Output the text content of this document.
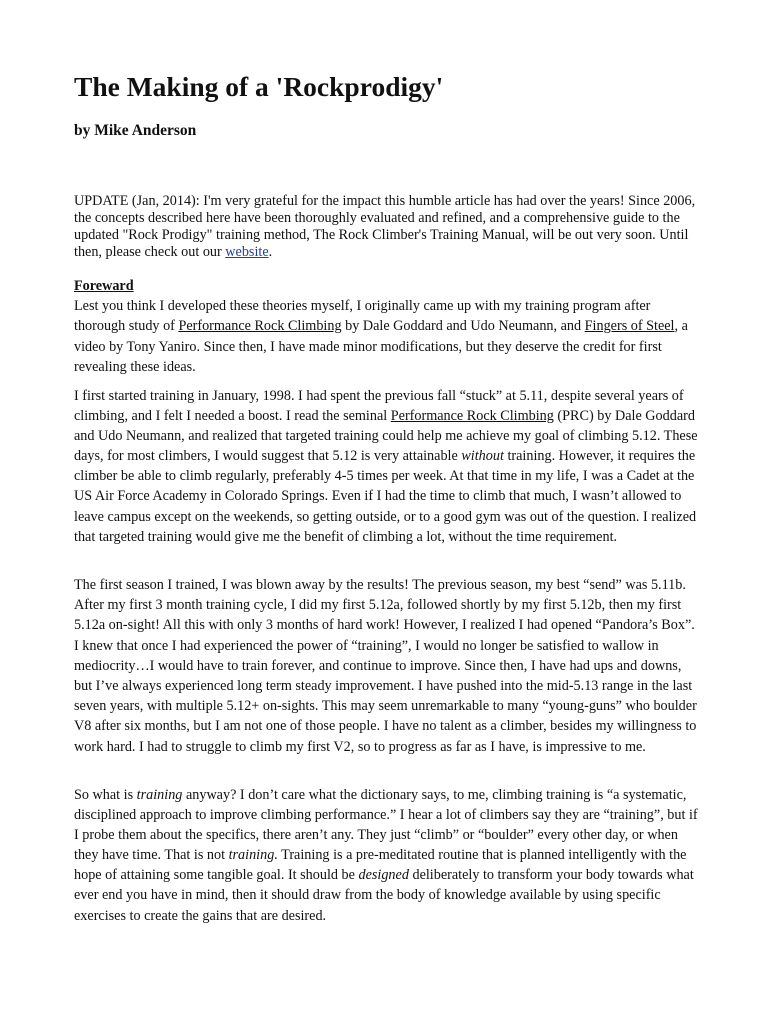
The Making of a 'Rockprodigy'

by Mike Anderson

UPDATE (Jan, 2014): I'm very grateful for the impact this humble article has had over the years! Since 2006, the concepts described here have been thoroughly evaluated and refined, and a comprehensive guide to the updated "Rock Prodigy" training method, The Rock Climber's Training Manual, will be out very soon. Until then, please check out our website.

Foreward

Lest you think I developed these theories myself, I originally came up with my training program after thorough study of Performance Rock Climbing by Dale Goddard and Udo Neumann, and Fingers of Steel, a video by Tony Yaniro. Since then, I have made minor modifications, but they deserve the credit for first revealing these ideas.

I first started training in January, 1998. I had spent the previous fall “stuck” at 5.11, despite several years of climbing, and I felt I needed a boost. I read the seminal Performance Rock Climbing (PRC) by Dale Goddard and Udo Neumann, and realized that targeted training could help me achieve my goal of climbing 5.12. These days, for most climbers, I would suggest that 5.12 is very attainable without training. However, it requires the climber be able to climb regularly, preferably 4-5 times per week. At that time in my life, I was a Cadet at the US Air Force Academy in Colorado Springs. Even if I had the time to climb that much, I wasn’t allowed to leave campus except on the weekends, so getting outside, or to a good gym was out of the question. I realized that targeted training would give me the benefit of climbing a lot, without the time requirement.

The first season I trained, I was blown away by the results! The previous season, my best “send” was 5.11b. After my first 3 month training cycle, I did my first 5.12a, followed shortly by my first 5.12b, then my first 5.12a on-sight! All this with only 3 months of hard work! However, I realized I had opened “Pandora’s Box”. I knew that once I had experienced the power of “training”, I would no longer be satisfied to wallow in mediocrity…I would have to train forever, and continue to improve. Since then, I have had ups and downs, but I’ve always experienced long term steady improvement. I have pushed into the mid-5.13 range in the last seven years, with multiple 5.12+ on-sights. This may seem unremarkable to many “young-guns” who boulder V8 after six months, but I am not one of those people. I have no talent as a climber, besides my willingness to work hard. I had to struggle to climb my first V2, so to progress as far as I have, is impressive to me.

So what is training anyway? I don’t care what the dictionary says, to me, climbing training is “a systematic, disciplined approach to improve climbing performance.” I hear a lot of climbers say they are “training”, but if I probe them about the specifics, there aren’t any. They just “climb” or “boulder” every other day, or when they have time. That is not training. Training is a pre-meditated routine that is planned intelligently with the hope of attaining some tangible goal. It should be designed deliberately to transform your body towards what ever end you have in mind, then it should draw from the body of knowledge available by using specific exercises to create the gains that are desired.
